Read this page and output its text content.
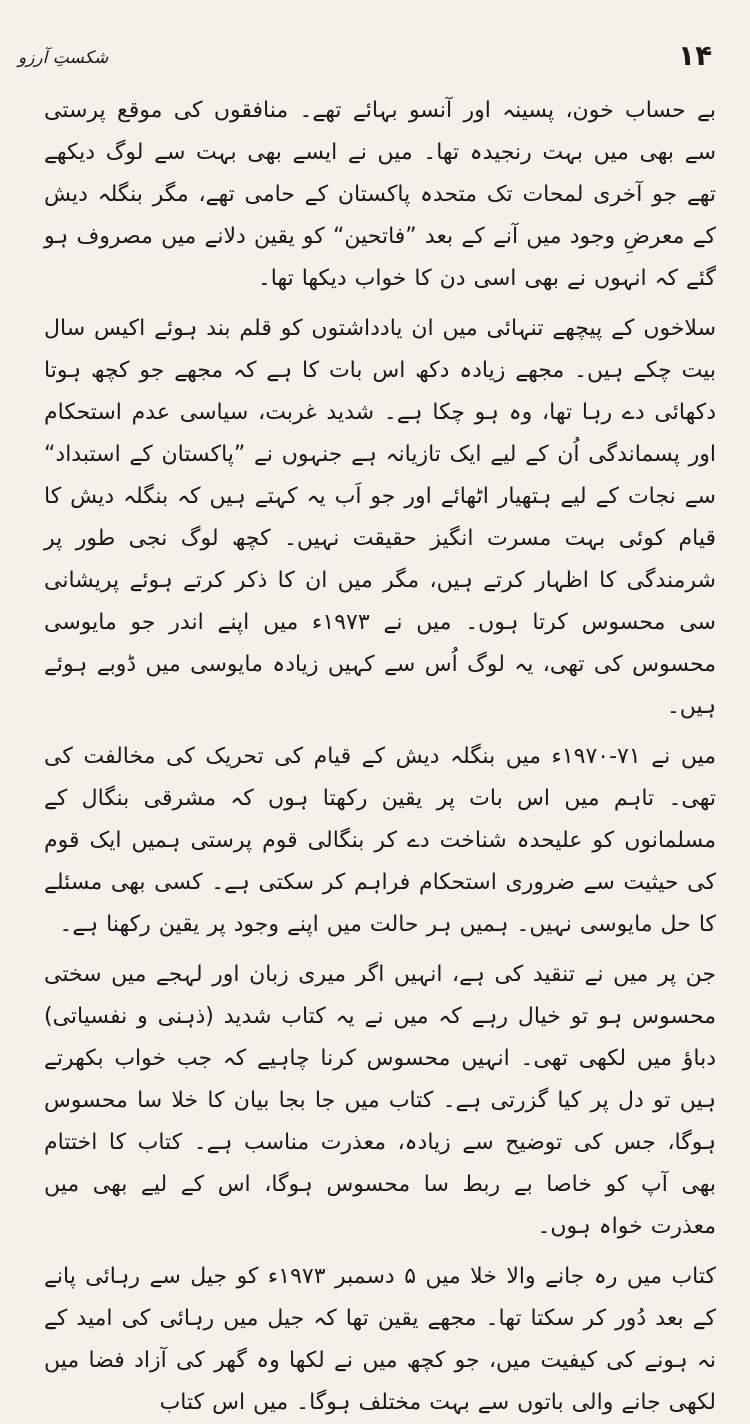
۱۴
شکستِ آرزو

بے حساب خون، پسینہ اور آنسو بہائے تھے۔ منافقوں کی موقع پرستی سے بھی میں بہت رنجیدہ تھا۔ میں نے ایسے بھی بہت سے لوگ دیکھے تھے جو آخری لمحات تک متحدہ پاکستان کے حامی تھے، مگر بنگلہ دیش کے معرضِ وجود میں آنے کے بعد ”فاتحین“ کو یقین دلانے میں مصروف ہو گئے کہ انہوں نے بھی اسی دن کا خواب دیکھا تھا۔

سلاخوں کے پیچھے تنہائی میں ان یادداشتوں کو قلم بند ہوئے اکیس سال بیت چکے ہیں۔ مجھے زیادہ دکھ اس بات کا ہے کہ مجھے جو کچھ ہوتا دکھائی دے رہا تھا، وہ ہو چکا ہے۔ شدید غربت، سیاسی عدم استحکام اور پسماندگی اُن کے لیے ایک تازیانہ ہے جنہوں نے ”پاکستان کے استبداد“ سے نجات کے لیے ہتھیار اٹھائے اور جو اَب یہ کہتے ہیں کہ بنگلہ دیش کا قیام کوئی بہت مسرت انگیز حقیقت نہیں۔ کچھ لوگ نجی طور پر شرمندگی کا اظہار کرتے ہیں، مگر میں ان کا ذکر کرتے ہوئے پریشانی سی محسوس کرتا ہوں۔ میں نے ۱۹۷۳ء میں اپنے اندر جو مایوسی محسوس کی تھی، یہ لوگ اُس سے کہیں زیادہ مایوسی میں ڈوبے ہوئے ہیں۔

میں نے ۷۱-۱۹۷۰ء میں بنگلہ دیش کے قیام کی تحریک کی مخالفت کی تھی۔ تاہم میں اس بات پر یقین رکھتا ہوں کہ مشرقی بنگال کے مسلمانوں کو علیحدہ شناخت دے کر بنگالی قوم پرستی ہمیں ایک قوم کی حیثیت سے ضروری استحکام فراہم کر سکتی ہے۔ کسی بھی مسئلے کا حل مایوسی نہیں۔ ہمیں ہر حالت میں اپنے وجود پر یقین رکھنا ہے۔

جن پر میں نے تنقید کی ہے، انہیں اگر میری زبان اور لہجے میں سختی محسوس ہو تو خیال رہے کہ میں نے یہ کتاب شدید (ذہنی و نفسیاتی) دباؤ میں لکھی تھی۔ انہیں محسوس کرنا چاہیے کہ جب خواب بکھرتے ہیں تو دل پر کیا گزرتی ہے۔ کتاب میں جا بجا بیان کا خلا سا محسوس ہوگا، جس کی توضیح سے زیادہ، معذرت مناسب ہے۔ کتاب کا اختتام بھی آپ کو خاصا بے ربط سا محسوس ہوگا، اس کے لیے بھی میں معذرت خواہ ہوں۔

کتاب میں رہ جانے والا خلا میں ۵ دسمبر ۱۹۷۳ء کو جیل سے رہائی پانے کے بعد دُور کر سکتا تھا۔ مجھے یقین تھا کہ جیل میں رہائی کی امید کے نہ ہونے کی کیفیت میں، جو کچھ میں نے لکھا وہ گھر کی آزاد فضا میں لکھی جانے والی باتوں سے بہت مختلف ہوگا۔ میں اس کتاب
